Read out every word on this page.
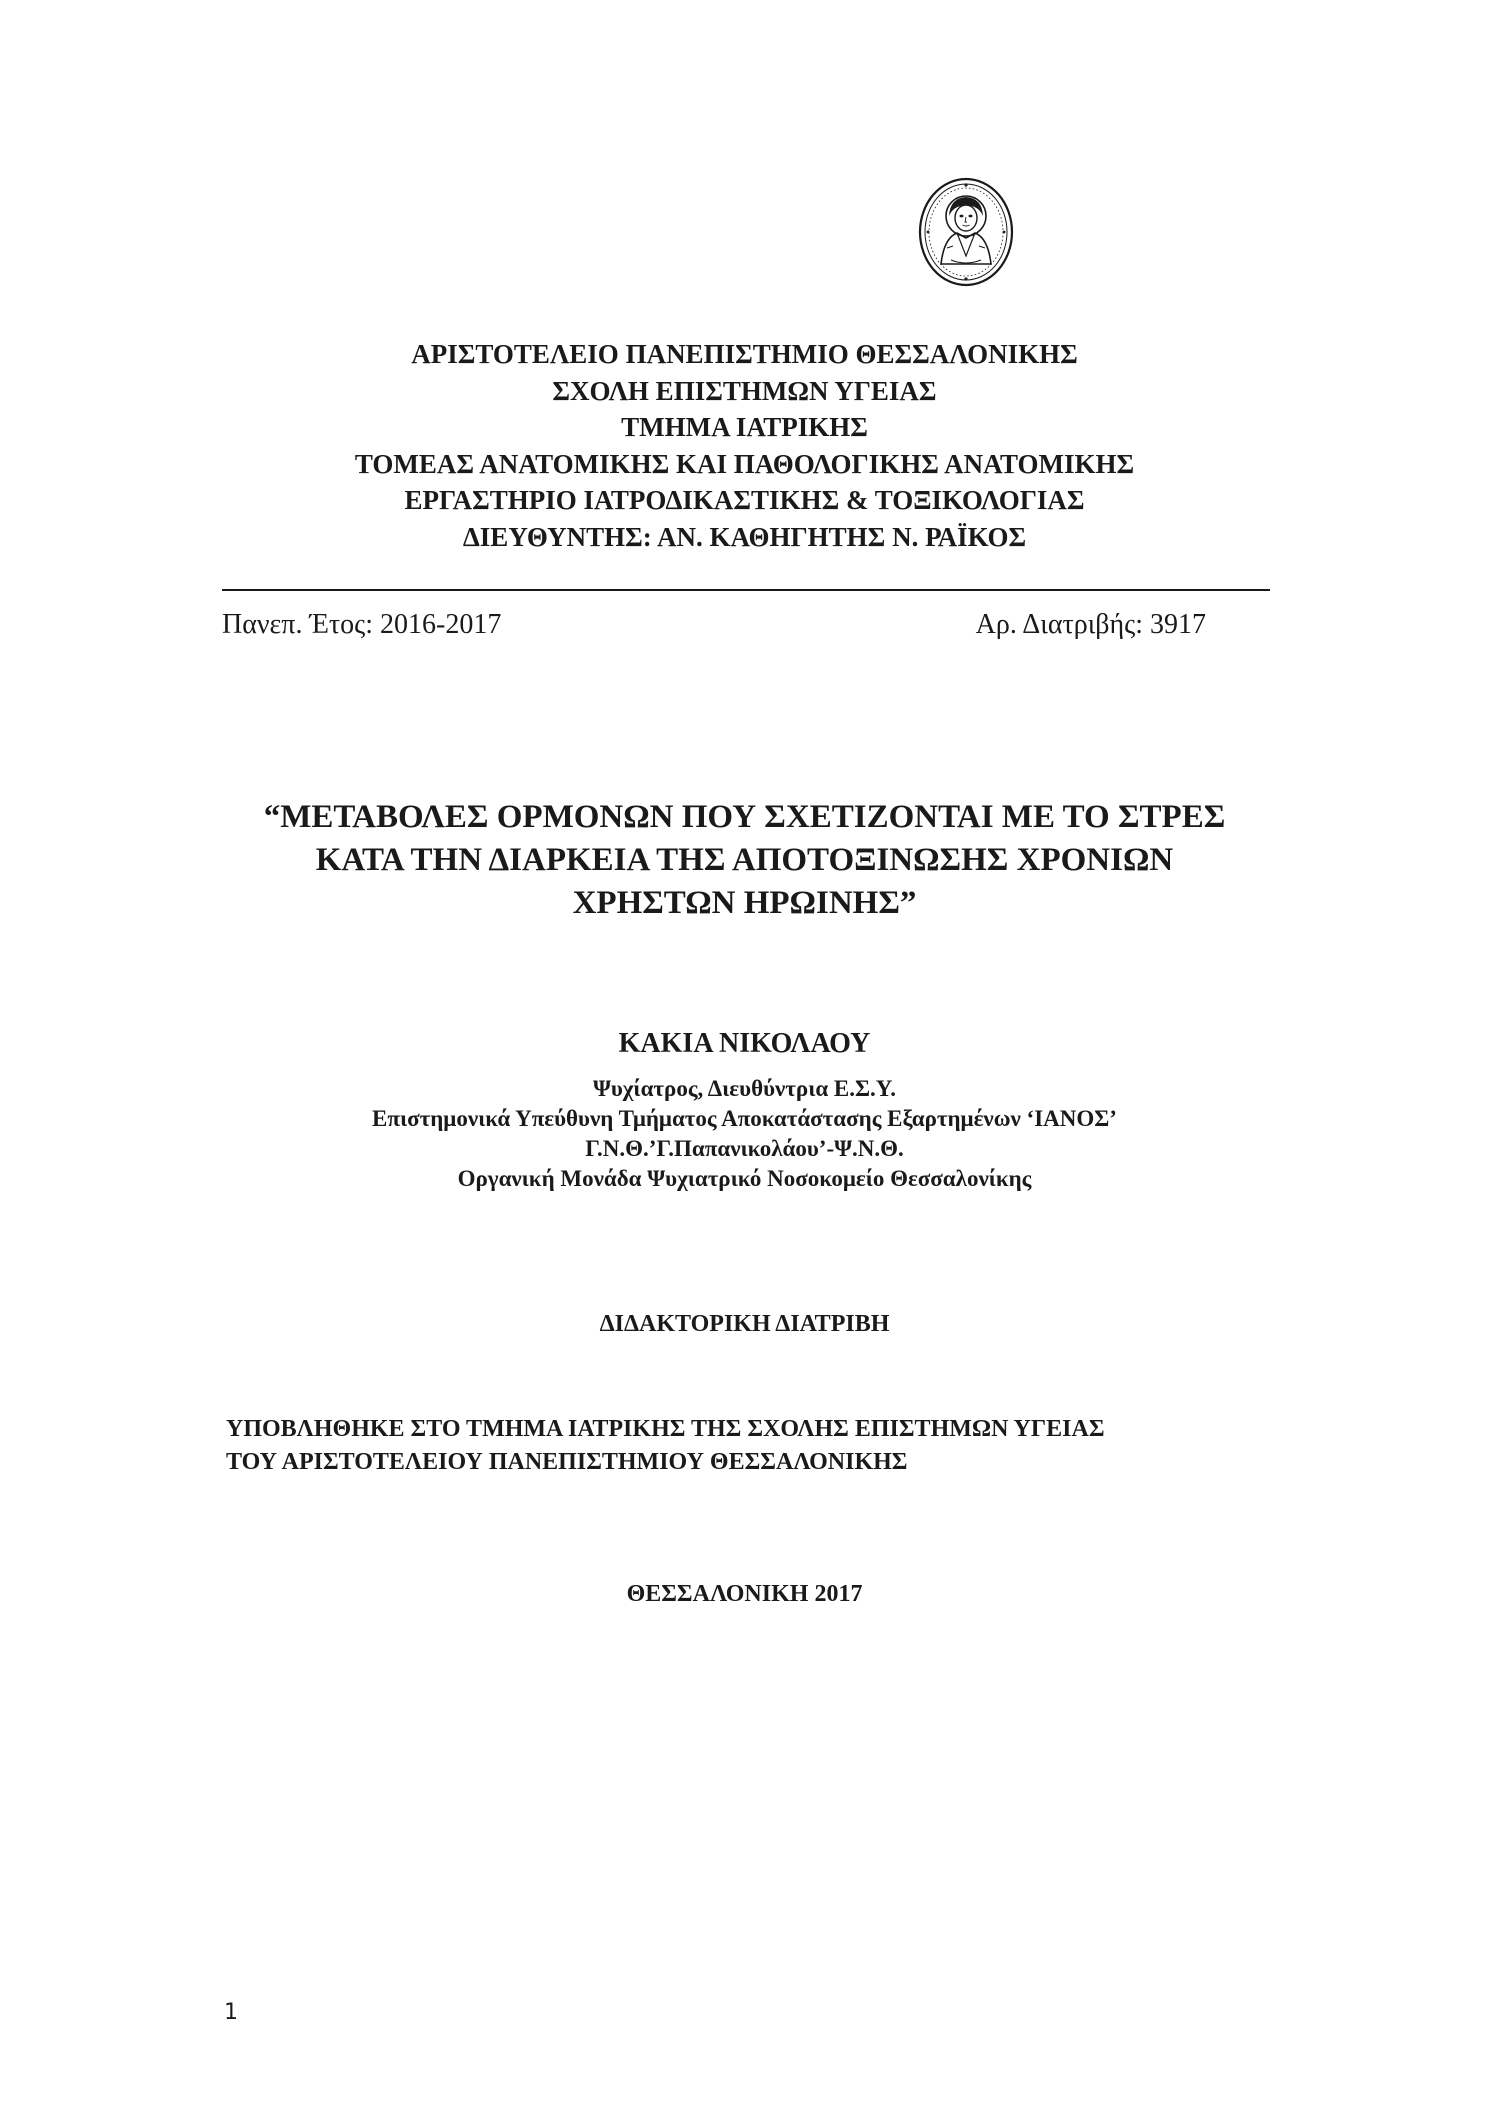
ΑΡΙΣΤΟΤΕΛΕΙΟ ΠΑΝΕΠΙΣΤΗΜΙΟ ΘΕΣΣΑΛΟΝΙΚΗΣ
ΣΧΟΛΗ ΕΠΙΣΤΗΜΩΝ ΥΓΕΙΑΣ
ΤΜΗΜΑ ΙΑΤΡΙΚΗΣ
ΤΟΜΕΑΣ ΑΝΑΤΟΜΙΚΗΣ ΚΑΙ ΠΑΘΟΛΟΓΙΚΗΣ ΑΝΑΤΟΜΙΚΗΣ
ΕΡΓΑΣΤΗΡΙΟ ΙΑΤΡΟΔΙΚΑΣΤΙΚΗΣ & ΤΟΞΙΚΟΛΟΓΙΑΣ
ΔΙΕΥΘΥΝΤΗΣ: ΑΝ. ΚΑΘΗΓΗΤΗΣ Ν. ΡΑΪΚΟΣ
Πανεπ. Έτος: 2016-2017	Αρ. Διατριβής: 3917
“ΜΕΤΑΒΟΛΕΣ ΟΡΜΟΝΩΝ ΠΟΥ ΣΧΕΤΙΖΟΝΤΑΙ ΜΕ ΤΟ ΣΤΡΕΣ
ΚΑΤΑ ΤΗΝ ΔΙΑΡΚΕΙΑ ΤΗΣ ΑΠΟΤΟΞΙΝΩΣΗΣ ΧΡΟΝΙΩΝ
ΧΡΗΣΤΩΝ ΗΡΩΙΝΗΣ”
ΚΑΚΙΑ ΝΙΚΟΛΑΟΥ
Ψυχίατρος, Διευθύντρια Ε.Σ.Υ.
Επιστημονικά Υπεύθυνη Τμήματος Αποκατάστασης Εξαρτημένων ‘ΙΑΝΟΣ’
Γ.Ν.Θ.’Γ.Παπανικολάου’-Ψ.Ν.Θ.
Οργανική Μονάδα Ψυχιατρικό Νοσοκομείο Θεσσαλονίκης
ΔΙΔΑΚΤΟΡΙΚΗ ΔΙΑΤΡΙΒΗ
ΥΠΟΒΛΗΘΗΚΕ ΣΤΟ ΤΜΗΜΑ ΙΑΤΡΙΚΗΣ ΤΗΣ ΣΧΟΛΗΣ ΕΠΙΣΤΗΜΩΝ ΥΓΕΙΑΣ
ΤΟΥ ΑΡΙΣΤΟΤΕΛΕΙΟΥ ΠΑΝΕΠΙΣΤΗΜΙΟΥ ΘΕΣΣΑΛΟΝΙΚΗΣ
ΘΕΣΣΑΛΟΝΙΚΗ 2017
1
